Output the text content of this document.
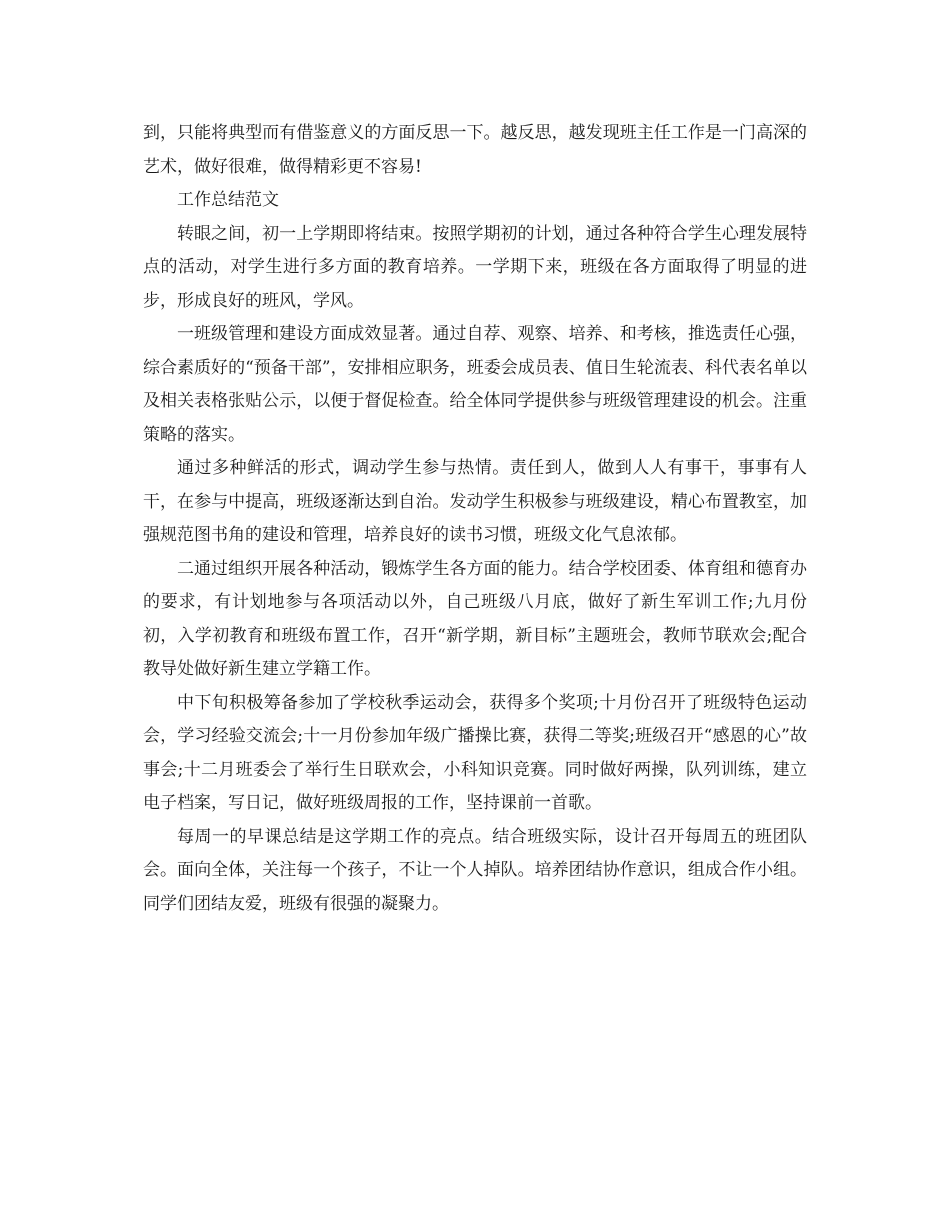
到，只能将典型而有借鉴意义的方面反思一下。越反思，越发现班主任工作是一门高深的艺术，做好很难，做得精彩更不容易!

工作总结范文

转眼之间，初一上学期即将结束。按照学期初的计划，通过各种符合学生心理发展特点的活动，对学生进行多方面的教育培养。一学期下来，班级在各方面取得了明显的进步，形成良好的班风，学风。

一班级管理和建设方面成效显著。通过自荐、观察、培养、和考核，推选责任心强，综合素质好的“预备干部”，安排相应职务，班委会成员表、值日生轮流表、科代表名单以及相关表格张贴公示，以便于督促检查。给全体同学提供参与班级管理建设的机会。注重策略的落实。

通过多种鲜活的形式，调动学生参与热情。责任到人，做到人人有事干，事事有人干，在参与中提高，班级逐渐达到自治。发动学生积极参与班级建设，精心布置教室，加强规范图书角的建设和管理，培养良好的读书习惯，班级文化气息浓郁。

二通过组织开展各种活动，锻炼学生各方面的能力。结合学校团委、体育组和德育办的要求，有计划地参与各项活动以外，自己班级八月底，做好了新生军训工作;九月份初，入学初教育和班级布置工作，召开“新学期，新目标”主题班会，教师节联欢会;配合教导处做好新生建立学籍工作。

中下旬积极筹备参加了学校秋季运动会，获得多个奖项;十月份召开了班级特色运动会，学习经验交流会;十一月份参加年级广播操比赛，获得二等奖;班级召开“感恩的心”故事会;十二月班委会了举行生日联欢会，小科知识竞赛。同时做好两操，队列训练，建立电子档案，写日记，做好班级周报的工作，坚持课前一首歌。

每周一的早课总结是这学期工作的亮点。结合班级实际，设计召开每周五的班团队会。面向全体，关注每一个孩子，不让一个人掉队。培养团结协作意识，组成合作小组。同学们团结友爱，班级有很强的凝聚力。
